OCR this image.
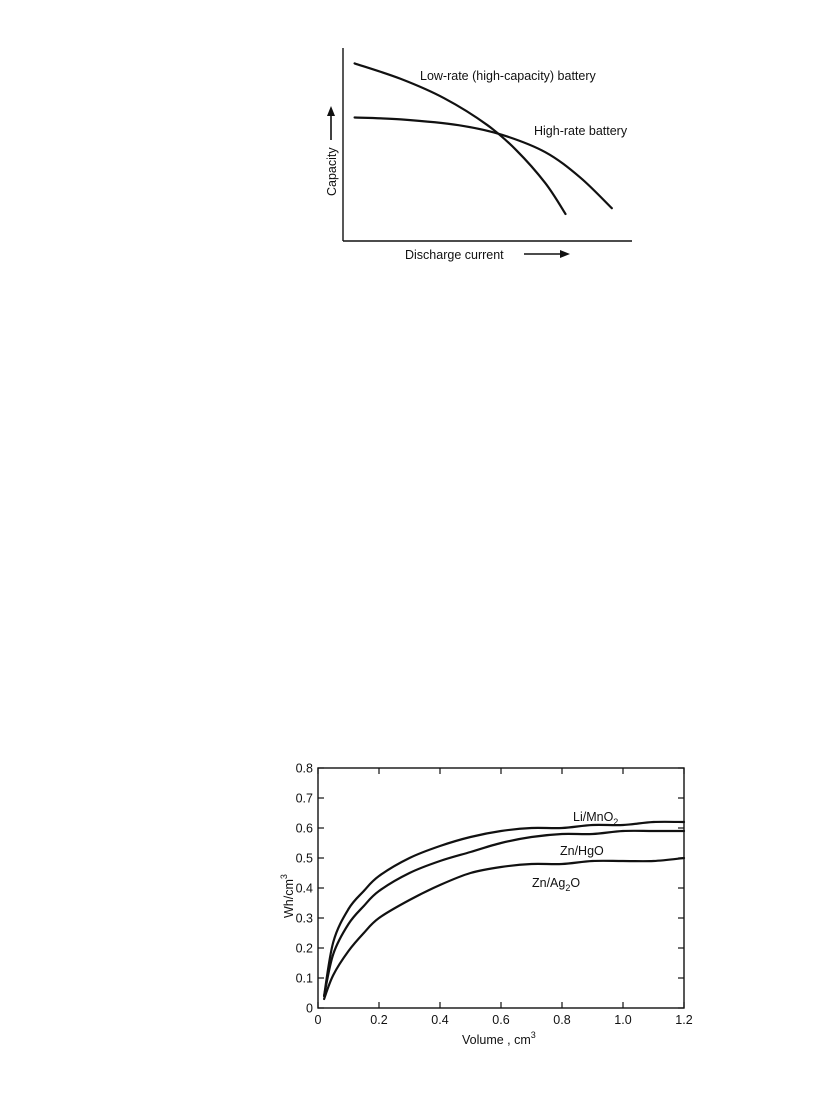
Low-rate (high-capacity) battery
High-rate battery
Capacity
Discharge current
0	0.2	0.4	0.6	0.8	1.0	1.2
0
0.1
0.2
0.3
0.4
0.5
0.6
0.7
0.8
Li/MnO$_2$
Zn/HgO
$Zn/Ag_2O$
Volume , $cm^3$
$Wh/cm^3$
